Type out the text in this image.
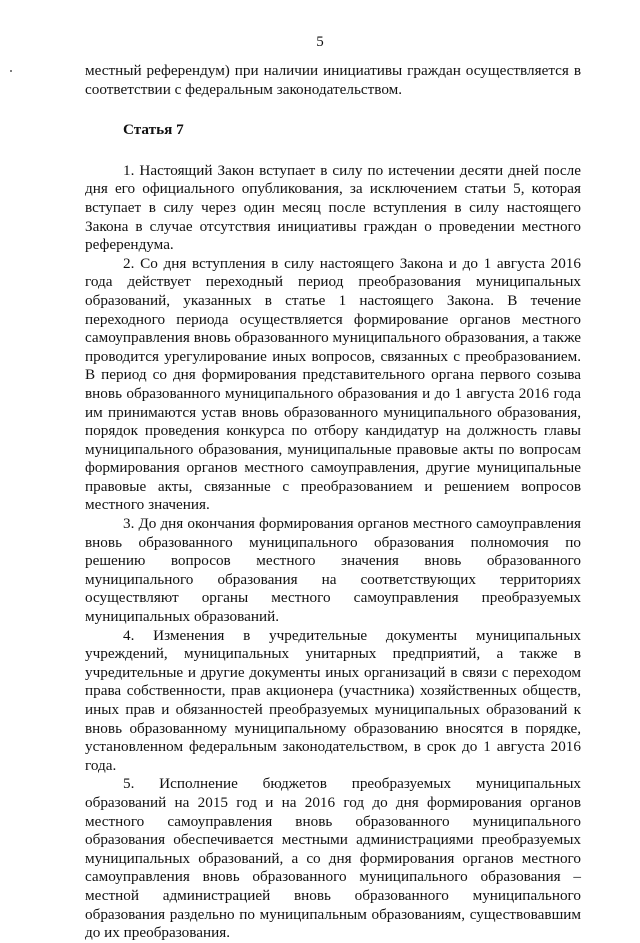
5

местный референдум) при наличии инициативы граждан осуществляется в соответствии с федеральным законодательством.

Статья 7

1. Настоящий Закон вступает в силу по истечении десяти дней после дня его официального опубликования, за исключением статьи 5, которая вступает в силу через один месяц после вступления в силу настоящего Закона в случае отсутствия инициативы граждан о проведении местного референдума.

2. Со дня вступления в силу настоящего Закона и до 1 августа 2016 года действует переходный период преобразования муниципальных образований, указанных в статье 1 настоящего Закона. В течение переходного периода осуществляется формирование органов местного самоуправления вновь образованного муниципального образования, а также проводится урегулирование иных вопросов, связанных с преобразованием. В период со дня формирования представительного органа первого созыва вновь образованного муниципального образования и до 1 августа 2016 года им принимаются устав вновь образованного муниципального образования, порядок проведения конкурса по отбору кандидатур на должность главы муниципального образования, муниципальные правовые акты по вопросам формирования органов местного самоуправления, другие муниципальные правовые акты, связанные с преобразованием и решением вопросов местного значения.

3. До дня окончания формирования органов местного самоуправления вновь образованного муниципального образования полномочия по решению вопросов местного значения вновь образованного муниципального образования на соответствующих территориях осуществляют органы местного самоуправления преобразуемых муниципальных образований.

4. Изменения в учредительные документы муниципальных учреждений, муниципальных унитарных предприятий, а также в учредительные и другие документы иных организаций в связи с переходом права собственности, прав акционера (участника) хозяйственных обществ, иных прав и обязанностей преобразуемых муниципальных образований к вновь образованному муниципальному образованию вносятся в порядке, установленном федеральным законодательством, в срок до 1 августа 2016 года.

5. Исполнение бюджетов преобразуемых муниципальных образований на 2015 год и на 2016 год до дня формирования органов местного самоуправления вновь образованного муниципального образования обеспечивается местными администрациями преобразуемых муниципальных образований, а со дня формирования органов местного самоуправления вновь образованного муниципального образования – местной администрацией вновь образованного муниципального образования раздельно по муниципальным образованиям, существовавшим до их преобразования.
